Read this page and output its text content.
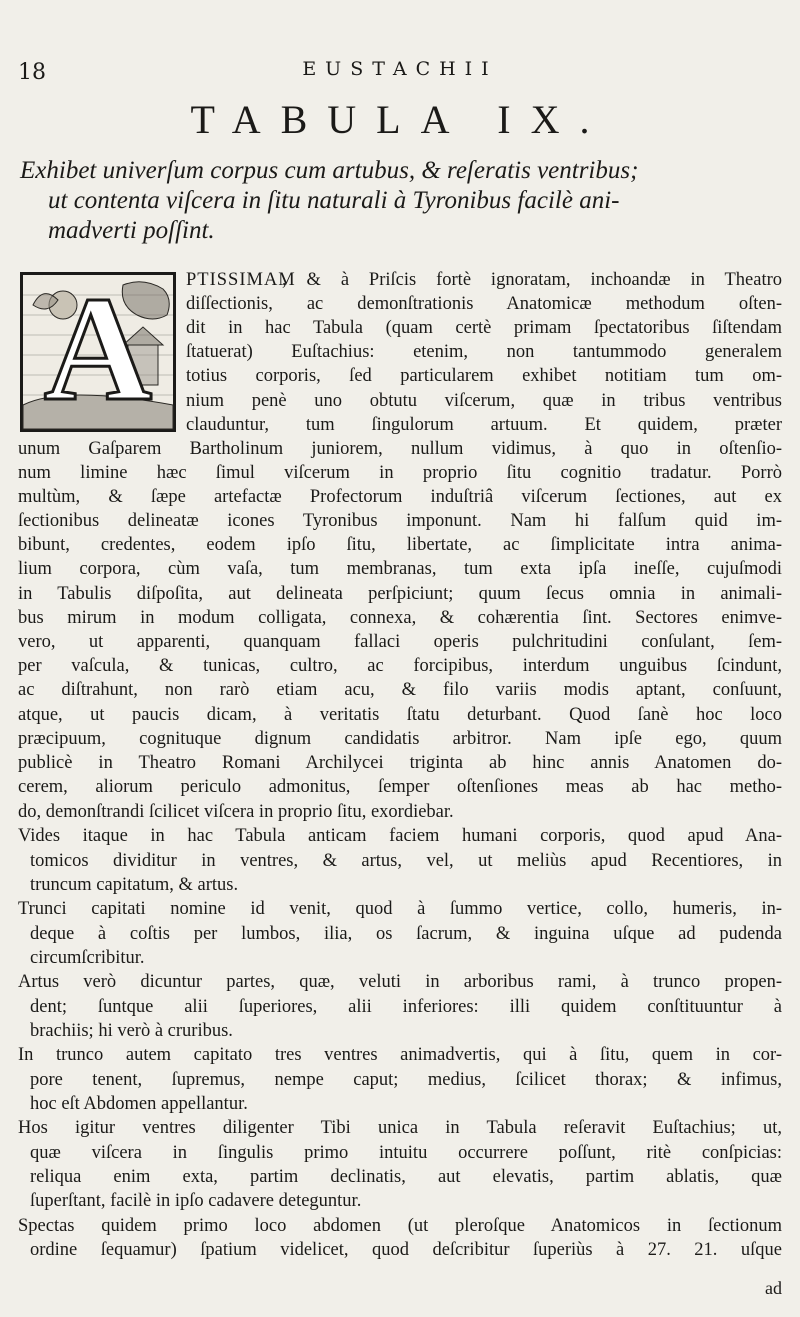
18	EUSTACHII
TABULA IX.
Exhibet univerſum corpus cum artubus, & reſeratis ventribus;
ut contenta viſcera in ſitu naturali à Tyronibus facilè ani-
madverti poſſint.
A	PTISSIMAM
, & à Priſcis fortè ignoratam, inchoandæ in Theatro
diſſectionis, ac demonſtrationis Anatomicæ methodum oſten-
dit in hac Tabula (quam certè primam ſpectatoribus ſiſtendam
ſtatuerat) Euſtachius: etenim, non tantummodo generalem
totius corporis, ſed particularem exhibet notitiam tum om-
nium penè uno obtutu viſcerum, quæ in tribus ventribus
clauduntur, tum ſingulorum artuum. Et quidem, præter
unum Gaſparem Bartholinum juniorem, nullum vidimus, à quo in oſtenſio-
num limine hæc ſimul viſcerum in proprio ſitu cognitio tradatur. Porrò
multùm, & ſæpe artefactæ Profectorum induſtriâ viſcerum ſectiones, aut ex
ſectionibus delineatæ icones Tyronibus imponunt. Nam hi falſum quid im-
bibunt, credentes, eodem ipſo ſitu, libertate, ac ſimplicitate intra anima-
lium corpora, cùm vaſa, tum membranas, tum exta ipſa ineſſe, cujuſmodi
in Tabulis diſpoſita, aut delineata perſpiciunt; quum ſecus omnia in animali-
bus mirum in modum colligata, connexa, & cohærentia ſint. Sectores enimve-
vero, ut apparenti, quanquam fallaci operis pulchritudini conſulant, ſem-
per vaſcula, & tunicas, cultro, ac forcipibus, interdum unguibus ſcindunt,
ac diſtrahunt, non rarò etiam acu, & filo variis modis aptant, conſuunt,
atque, ut paucis dicam, à veritatis ſtatu deturbant. Quod ſanè hoc loco
præcipuum, cognituque dignum candidatis arbitror. Nam ipſe ego, quum
publicè in Theatro Romani Archilycei triginta ab hinc annis Anatomen do-
cerem, aliorum periculo admonitus, ſemper oſtenſiones meas ab hac metho-
do, demonſtrandi ſcilicet viſcera in proprio ſitu, exordiebar.
Vides itaque in hac Tabula anticam faciem humani corporis, quod apud Ana-
tomicos dividitur in ventres, & artus, vel, ut meliùs apud Recentiores, in
truncum capitatum, & artus.
Trunci capitati nomine id venit, quod à ſummo vertice, collo, humeris, in-
deque à coſtis per lumbos, ilia, os ſacrum, & inguina uſque ad pudenda
circumſcribitur.
Artus verò dicuntur partes, quæ, veluti in arboribus rami, à trunco propen-
dent; ſuntque alii ſuperiores, alii inferiores: illi quidem conſtituuntur à
brachiis; hi verò à cruribus.
In trunco autem capitato tres ventres animadvertis, qui à ſitu, quem in cor-
pore tenent, ſupremus, nempe caput; medius, ſcilicet thorax; & infimus,
hoc eſt Abdomen appellantur.
Hos igitur ventres diligenter Tibi unica in Tabula reſeravit Euſtachius; ut,
quæ viſcera in ſingulis primo intuitu occurrere poſſunt, ritè conſpicias:
reliqua enim exta, partim declinatis, aut elevatis, partim ablatis, quæ
ſuperſtant, facilè in ipſo cadavere deteguntur.
Spectas quidem primo loco abdomen (ut pleroſque Anatomicos in ſectionum
ordine ſequamur) ſpatium videlicet, quod deſcribitur ſuperiùs à 27. 21. uſque
ad
